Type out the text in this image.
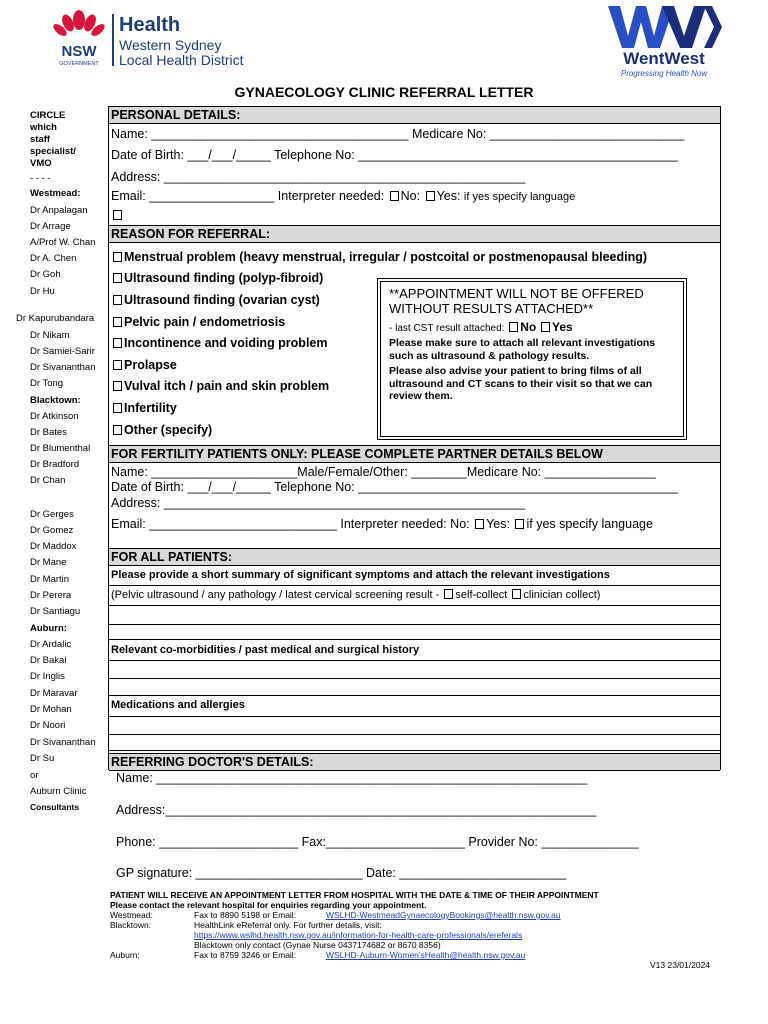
NSW
GOVERNMENT
Health
Western Sydney
Local Health District	WentWest
Progressing Health Now
GYNAECOLOGY CLINIC REFERRAL LETTER
CIRCLE
which
staff
specialist/
VMO
- - - -
Westmead:
Dr Anpalagan
Dr Arrage
A/Prof W. Chan
Dr A. Chen
Dr Goh
Dr Hu
Dr Kapurubandara
Dr Nikam
Dr Samiei-Sarir
Dr Sivananthan
Dr Tong
Blacktown:
Dr Atkinson
Dr Bates
Dr Blumenthal
Dr Bradford
Dr Chan
Dr Gerges
Dr Gomez
Dr Maddox
Dr Mane
Dr Martin
Dr Perera
Dr Santiagu
Auburn:
Dr Ardalic
Dr Bakal
Dr Inglis
Dr Maravar
Dr Mohan
Dr Noori
Dr Sivananthan
Dr Su
or
Auburn Clinic
Consultants
PERSONAL DETAILS:
Name: _____________________________________ Medicare No: ____________________________
Date of Birth: ___/___/_____ Telephone No: ______________________________________________
Address: ____________________________________________________
Email: __________________ Interpreter needed: No: Yes: if yes specify language
REASON FOR REFERRAL:
Menstrual problem (heavy menstrual, irregular / postcoital or postmenopausal bleeding)
Ultrasound finding (polyp-fibroid)
Ultrasound finding (ovarian cyst)
Pelvic pain / endometriosis
Incontinence and voiding problem
Prolapse
Vulval itch / pain and skin problem
Infertility
Other (specify)
**APPOINTMENT WILL NOT BE OFFERED
WITHOUT RESULTS ATTACHED**
- last CST result attached: No Yes
Please make sure to attach all relevant investigations such as ultrasound & pathology results.
Please also advise your patient to bring films of all ultrasound and CT scans to their visit so that we can review them.
FOR FERTILITY PATIENTS ONLY: PLEASE COMPLETE PARTNER DETAILS BELOW
Name: _____________________Male/Female/Other: ________Medicare No: ________________
Date of Birth: ___/___/_____ Telephone No: ______________________________________________
Address: ____________________________________________________
Email: ___________________________ Interpreter needed: No: Yes: if yes specify language
FOR ALL PATIENTS:
Please provide a short summary of significant symptoms and attach the relevant investigations
(Pelvic ultrasound / any pathology / latest cervical screening result - self-collect clinician collect)
Relevant co-morbidities / past medical and surgical history
Medications and allergies
REFERRING DOCTOR'S DETAILS:
Name: ______________________________________________________________
Address:______________________________________________________________
Phone: ____________________ Fax:____________________ Provider No: ______________
GP signature: ________________________ Date: ________________________
PATIENT WILL RECEIVE AN APPOINTMENT LETTER FROM HOSPITAL WITH THE DATE & TIME OF THEIR APPOINTMENT
Please contact the relevant hospital for enquiries regarding your appointment.
Westmead:	Fax to 8890 5198 or Email:	WSLHD-WestmeadGynaecologyBookings@health.nsw.gov.au
Blacktown:	HealthLink eReferral only. For further details, visit:
https://www.wslhd.health.nsw.gov.au/information-for-health-care-professionals/ereferals
Blacktown only contact (Gynae Nurse 0437174682 or 8670 8356)
Auburn:	Fax to 8759 3246 or Email:	WSLHD-Auburn-Women'sHealth@health.nsw.gov.au
V13 23/01/2024
